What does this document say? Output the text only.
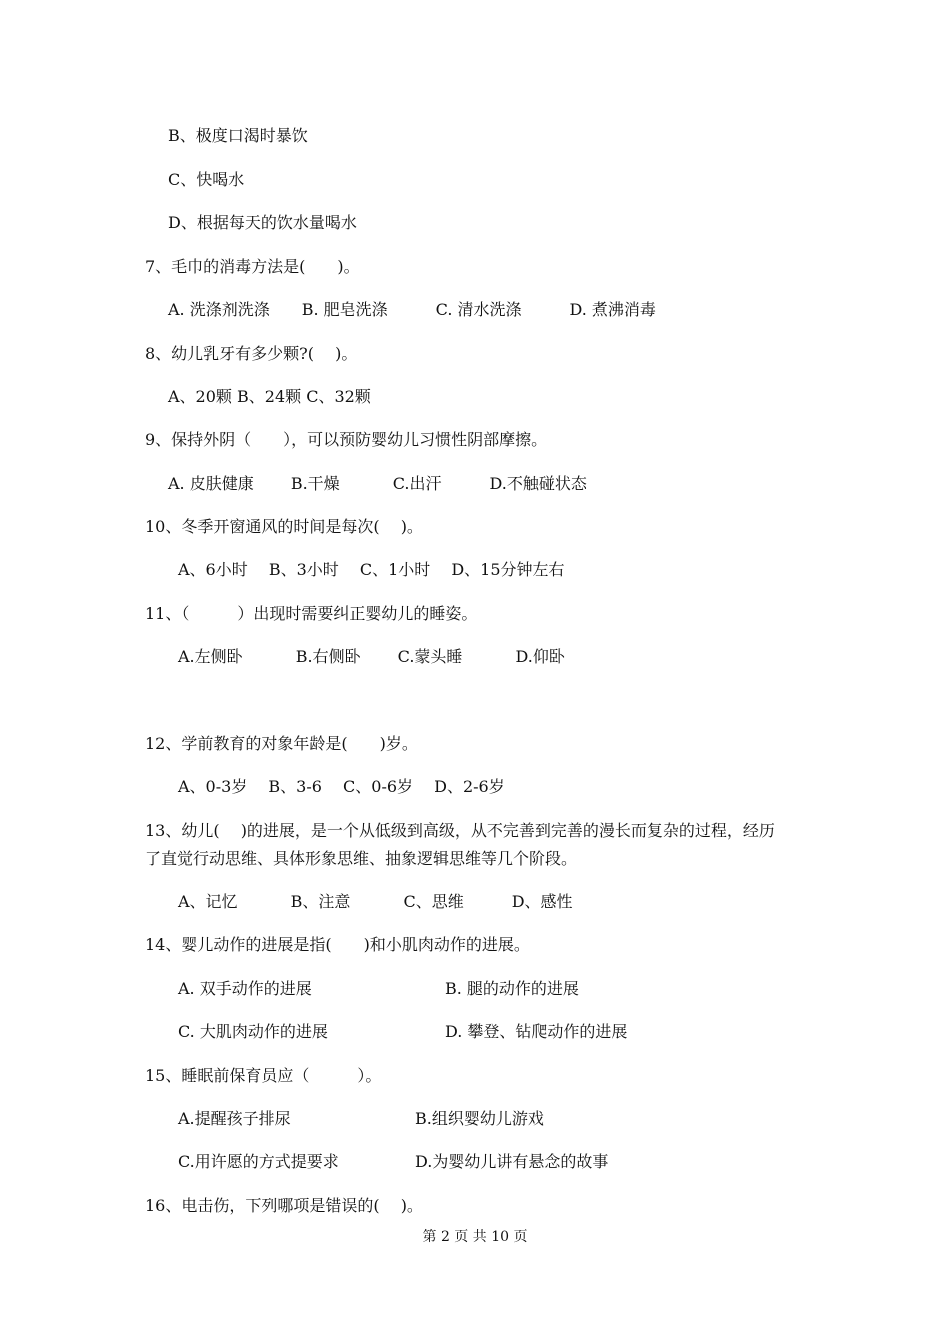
B、极度口渴时暴饮
C、快喝水
D、根据每天的饮水量喝水
7、毛巾的消毒方法是(　　)。
A. 洗涤剂洗涤　　B. 肥皂洗涤　　　C. 清水洗涤　　　D. 煮沸消毒
8、幼儿乳牙有多少颗?(　 )。
A、20颗 B、24颗 C、32颗
9、保持外阴（　　），可以预防婴幼儿习惯性阴部摩擦。
A. 皮肤健康　　 B.干燥　　　 C.出汗　　　D.不触碰状态
10、冬季开窗通风的时间是每次(　 )。
A、6小时　 B、3小时　 C、1小时　 D、15分钟左右
11、（　　　）出现时需要纠正婴幼儿的睡姿。
A.左侧卧　　　 B.右侧卧　　 C.蒙头睡　　　 D.仰卧
12、学前教育的对象年龄是(　　)岁。
A、0-3岁　 B、3-6　 C、0-6岁　 D、2-6岁
13、幼儿(　 )的进展，是一个从低级到高级，从不完善到完善的漫长而复杂的过程，经历
了直觉行动思维、具体形象思维、抽象逻辑思维等几个阶段。
A、记忆　　　 B、注意　　　 C、思维　　　D、感性
14、婴儿动作的进展是指(　　)和小肌肉动作的进展。
A. 双手动作的进展	B. 腿的动作的进展
C. 大肌肉动作的进展	D. 攀登、钻爬动作的进展
15、睡眠前保育员应（　　　）。
A.提醒孩子排尿	B.组织婴幼儿游戏
C.用许愿的方式提要求	D.为婴幼儿讲有悬念的故事
16、电击伤，下列哪项是错误的(　 )。
第 2 页 共 10 页
